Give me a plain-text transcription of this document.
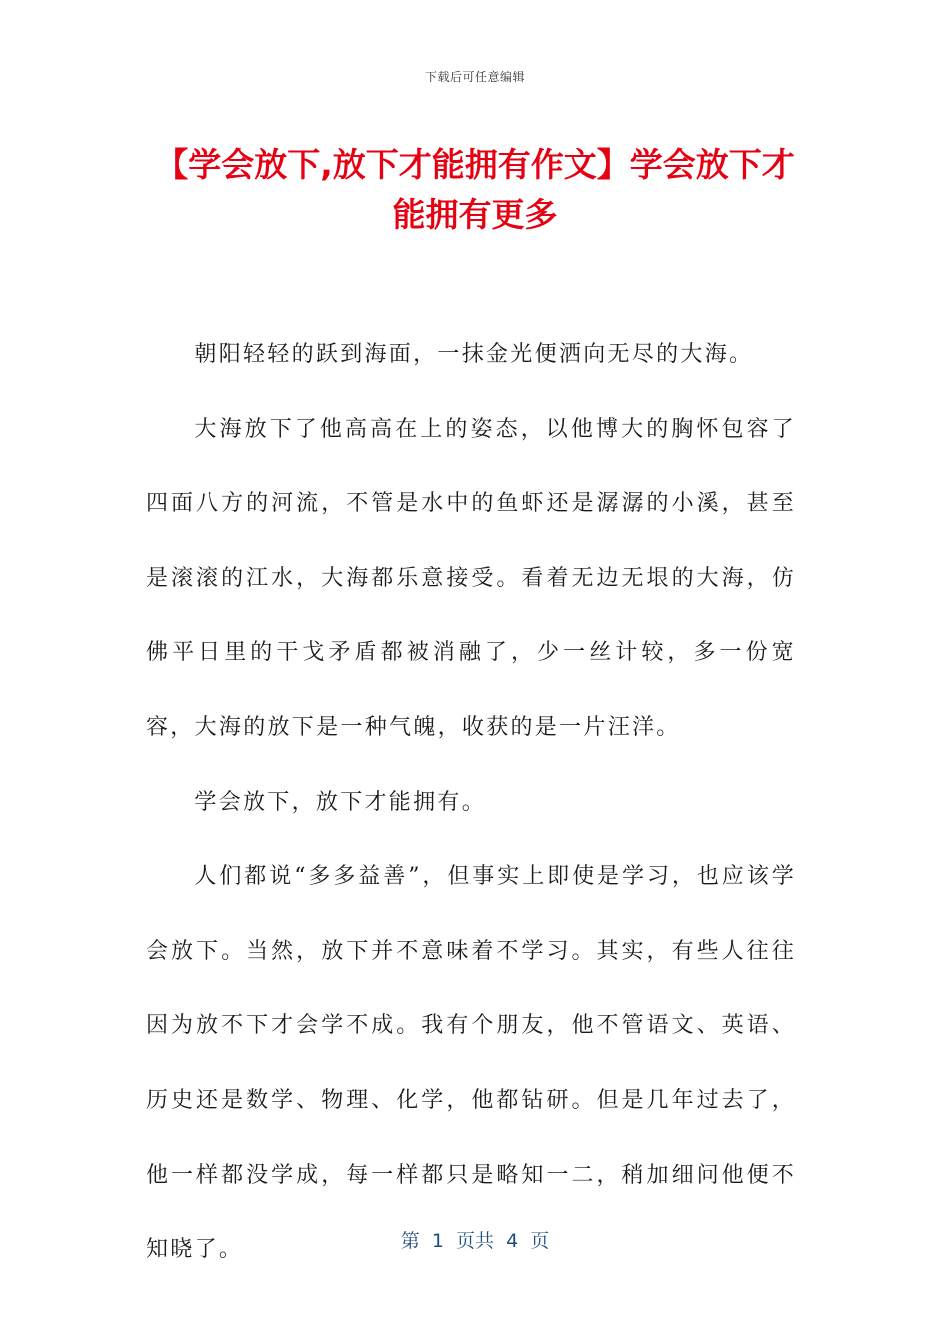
下载后可任意编辑
【学会放下,放下才能拥有作文】学会放下才能拥有更多

朝阳轻轻的跃到海面，一抹金光便洒向无尽的大海。

大海放下了他高高在上的姿态，以他博大的胸怀包容了四面八方的河流，不管是水中的鱼虾还是潺潺的小溪，甚至是滚滚的江水，大海都乐意接受。看着无边无垠的大海，仿佛平日里的干戈矛盾都被消融了，少一丝计较，多一份宽容，大海的放下是一种气魄，收获的是一片汪洋。

学会放下，放下才能拥有。

人们都说“多多益善”，但事实上即使是学习，也应该学会放下。当然，放下并不意味着不学习。其实，有些人往往因为放不下才会学不成。我有个朋友，他不管语文、英语、历史还是数学、物理、化学，他都钻研。但是几年过去了，他一样都没学成，每一样都只是略知一二，稍加细问他便不知晓了。	第  1  页共  4  页
